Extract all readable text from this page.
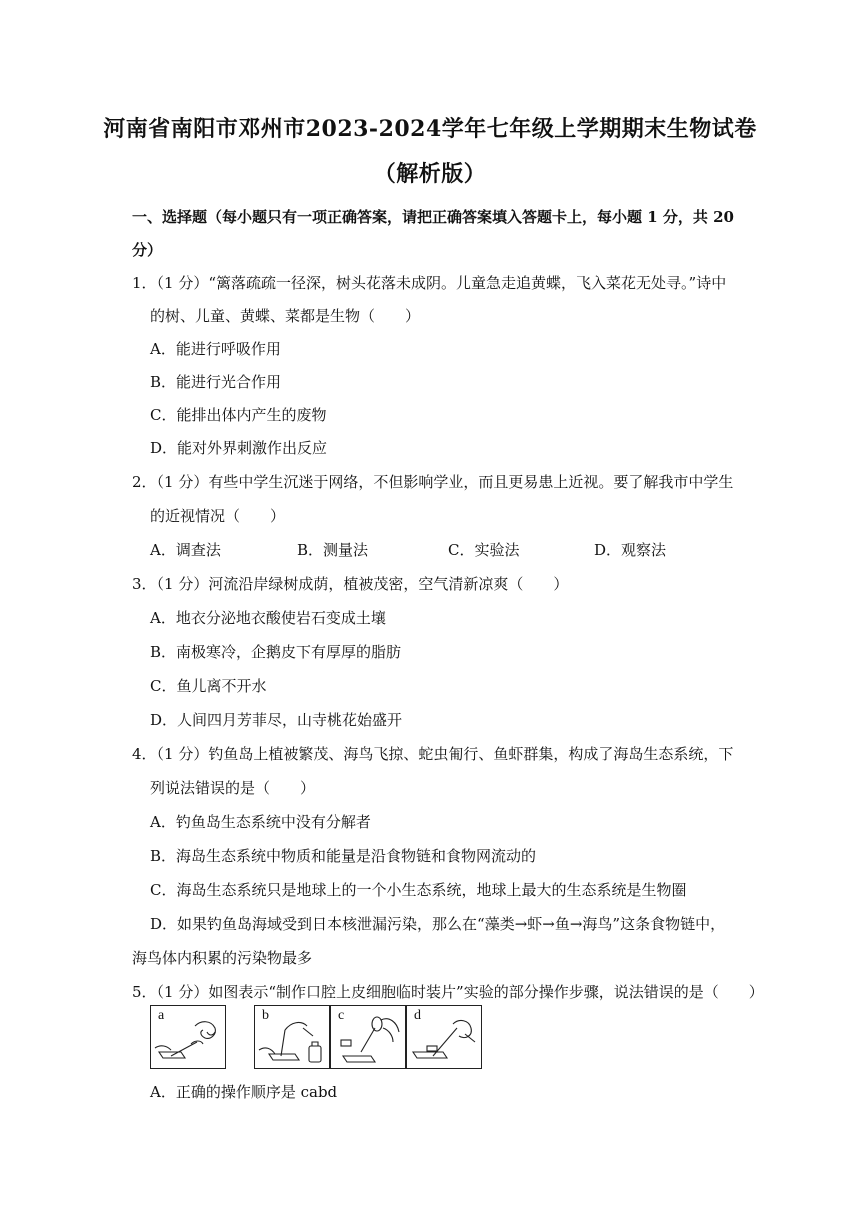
河南省南阳市邓州市2023-2024学年七年级上学期期末生物试卷
（解析版）
一、选择题（每小题只有一项正确答案，请把正确答案填入答题卡上，每小题 1 分，共 20
分）
1．（1 分）“篱落疏疏一径深，树头花落未成阴。儿童急走追黄蝶，飞入菜花无处寻。”诗中
的树、儿童、黄蝶、菜都是生物（　　）
A．能进行呼吸作用
B．能进行光合作用
C．能排出体内产生的废物
D．能对外界刺激作出反应
2．（1 分）有些中学生沉迷于网络，不但影响学业，而且更易患上近视。要了解我市中学生
的近视情况（　　）
A．调查法	B．测量法	C．实验法	D．观察法
3．（1 分）河流沿岸绿树成荫，植被茂密，空气清新凉爽（　　）
A．地衣分泌地衣酸使岩石变成土壤
B．南极寒冷，企鹅皮下有厚厚的脂肪
C．鱼儿离不开水
D．人间四月芳菲尽，山寺桃花始盛开
4．（1 分）钓鱼岛上植被繁茂、海鸟飞掠、蛇虫匍行、鱼虾群集，构成了海岛生态系统，下
列说法错误的是（　　）
A．钓鱼岛生态系统中没有分解者
B．海岛生态系统中物质和能量是沿食物链和食物网流动的
C．海岛生态系统只是地球上的一个小生态系统，地球上最大的生态系统是生物圈
D．如果钓鱼岛海域受到日本核泄漏污染，那么在“藻类→虾→鱼→海鸟”这条食物链中，
海鸟体内积累的污染物最多
5．（1 分）如图表示“制作口腔上皮细胞临时装片”实验的部分操作步骤，说法错误的是（　　）
a	b	c	d
A．正确的操作顺序是 cabd
